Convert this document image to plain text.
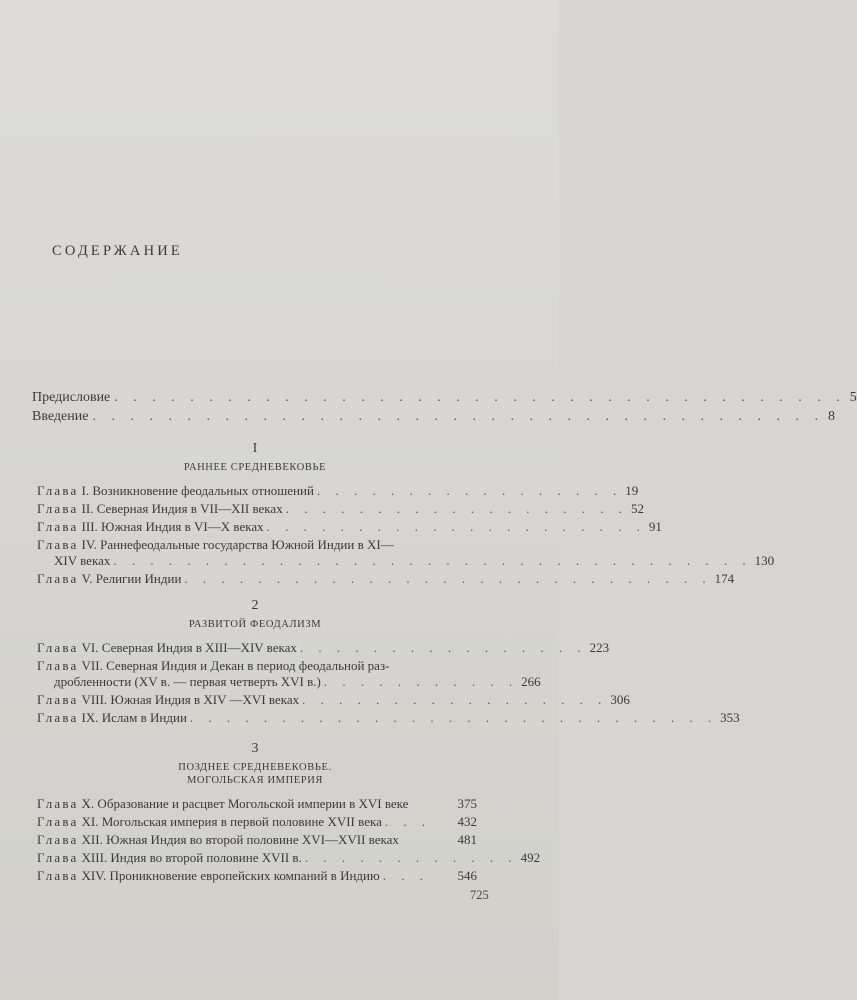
СОДЕРЖАНИЕ
Предисловие . . . . . . . . . . . . . . . . . . . . . . . . . . . . . . . . . . . . . . . 5
Введение . . . . . . . . . . . . . . . . . . . . . . . . . . . . . . . . . . . . . . . 8
I
РАННЕЕ СРЕДНЕВЕКОВЬЕ
Глава I. Возникновение феодальных отношений . . . . . . . . . . . . . . . . . 19
Глава II. Северная Индия в VII—XII веках . . . . . . . . . . . . . . . . . . . 52
Глава III. Южная Индия в VI—X веках . . . . . . . . . . . . . . . . . . . . . 91
Глава IV. Раннефеодальные государства Южной Индии в XI—
XIV веках . . . . . . . . . . . . . . . . . . . . . . . . . . . . . . . . . . . 130
Глава V. Религии Индии . . . . . . . . . . . . . . . . . . . . . . . . . . . . . 174
2
РАЗВИТОЙ ФЕОДАЛИЗМ
Глава VI. Северная Индия в XIII—XIV веках . . . . . . . . . . . . . . . . 223
Глава VII. Северная Индия и Декан в период феодальной раз-
дробленности (XV в. — первая четверть XVI в.) . . . . . . . . . . . 266
Глава VIII. Южная Индия в XIV —XVI веках . . . . . . . . . . . . . . . . . 306
Глава IX. Ислам в Индии . . . . . . . . . . . . . . . . . . . . . . . . . . . . . 353
3
ПОЗДНЕЕ СРЕДНЕВЕКОВЬЕ.
МОГОЛЬСКАЯ ИМПЕРИЯ
Глава X. Образование и расцвет Могольской империи в XVI веке	375
Глава XI. Могольская империя в первой половине XVII века . . .	432
Глава XII. Южная Индия во второй половине XVI—XVII веках	481
Глава XIII. Индия во второй половине XVII в. . . . . . . . . . . . . 492
Глава XIV. Проникновение европейских компаний в Индию . . .	546
725
